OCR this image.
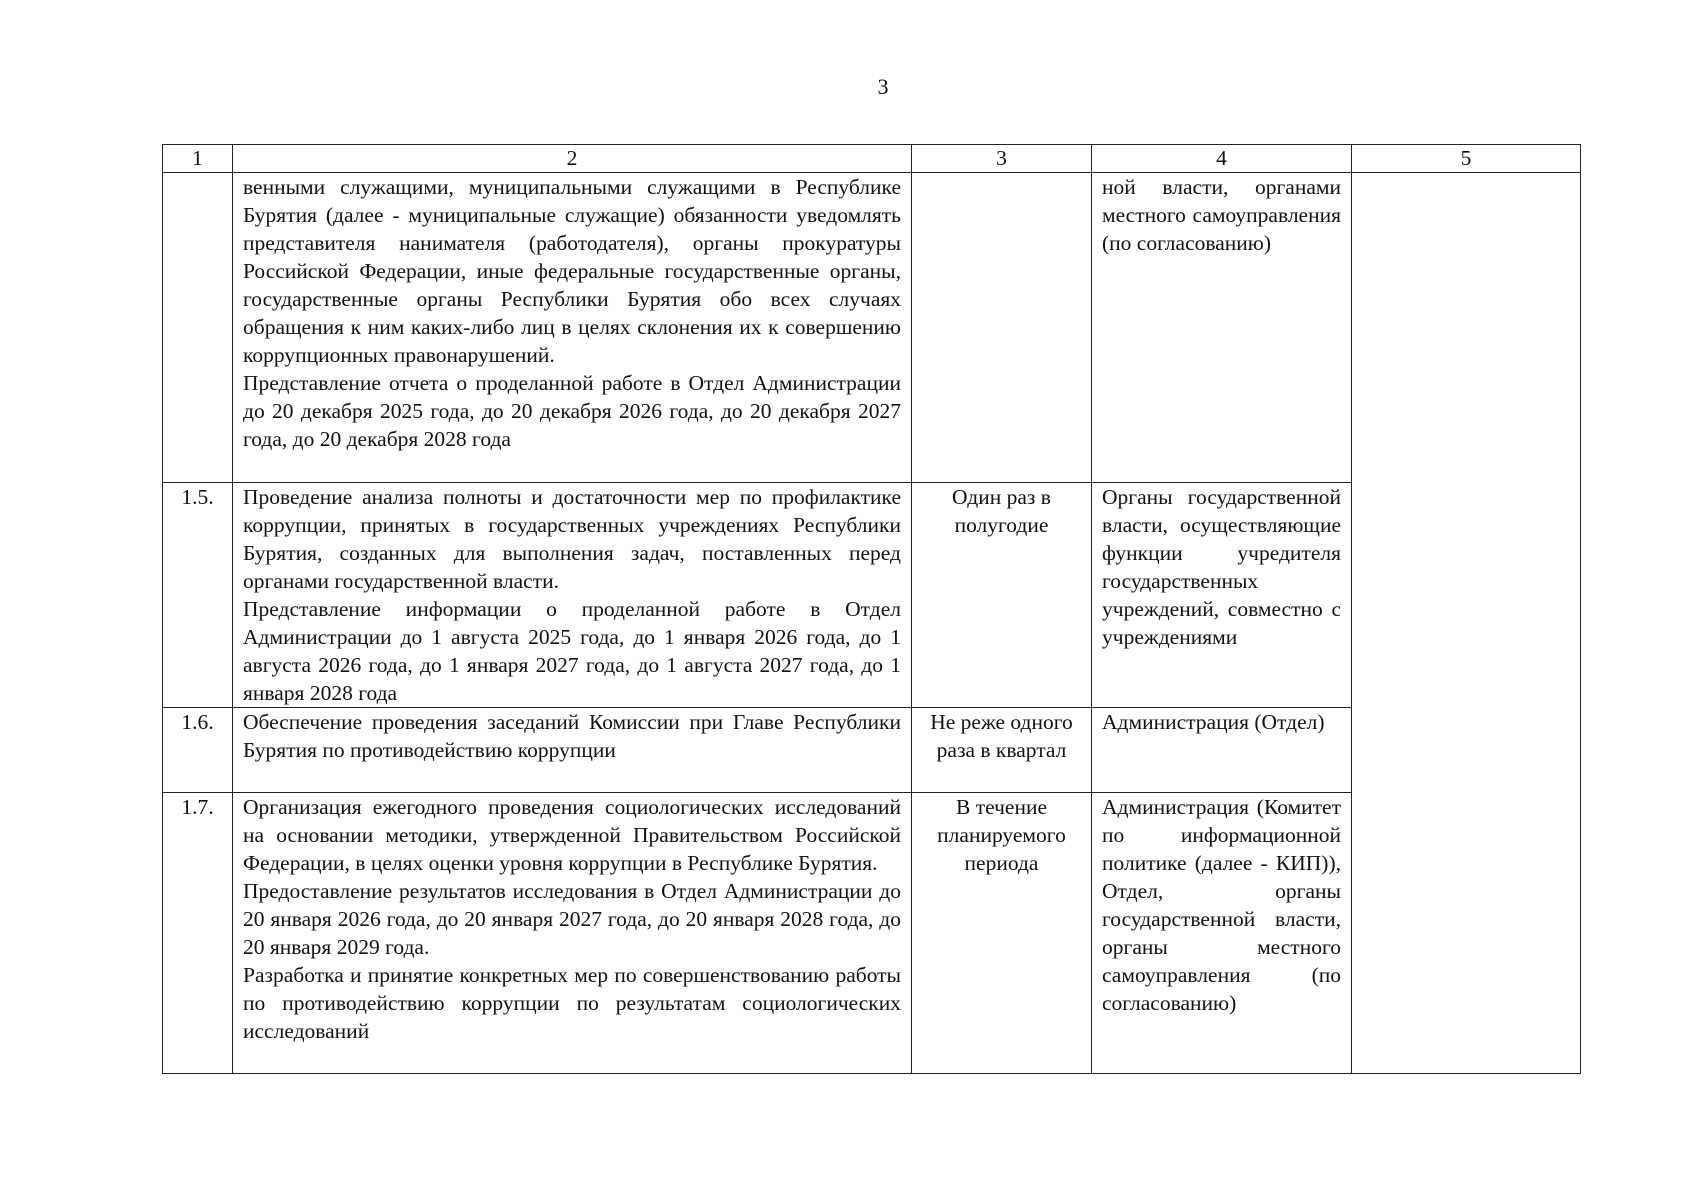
3
1	2	3	4	5

	венными служащими, муниципальными служащими в Республике Бурятия (далее - муниципальные служащие) обязанности уведомлять представителя нанимателя (работодателя), органы прокуратуры Российской Федерации, иные федеральные государственные органы, государственные органы Республики Бурятия обо всех случаях обращения к ним каких-либо лиц в целях склонения их к совершению коррупционных правонарушений.
Представление отчета о проделанной работе в Отдел Администрации до 20 декабря 2025 года, до 20 декабря 2026 года, до 20 декабря 2027 года, до 20 декабря 2028 года		ной власти, органами местного самоуправления (по согласованию)	
1.5.	Проведение анализа полноты и достаточности мер по профилактике коррупции, принятых в государственных учреждениях Республики Бурятия, созданных для выполнения задач, поставленных перед органами государственной власти.
Представление информации о проделанной работе в Отдел Администрации до 1 августа 2025 года, до 1 января 2026 года, до 1 августа 2026 года, до 1 января 2027 года, до 1 августа 2027 года, до 1 января 2028 года	Один раз в полугодие	Органы государственной власти, осуществляющие функции учредителя государственных учреждений, совместно с учреждениями	
1.6.	Обеспечение проведения заседаний Комиссии при Главе Республики Бурятия по противодействию коррупции	Не реже одного раза в квартал	Администрация (Отдел)	
1.7.	Организация ежегодного проведения социологических исследований на основании методики, утвержденной Правительством Российской Федерации, в целях оценки уровня коррупции в Республике Бурятия.
Предоставление результатов исследования в Отдел Администрации до 20 января 2026 года, до 20 января 2027 года, до 20 января 2028 года, до 20 января 2029 года.
Разработка и принятие конкретных мер по совершенствованию работы по противодействию коррупции по результатам социологических исследований	В течение планируемого периода	Администрация (Комитет по информационной политике (далее - КИП)), Отдел, органы государственной власти, органы местного самоуправления (по согласованию)	
